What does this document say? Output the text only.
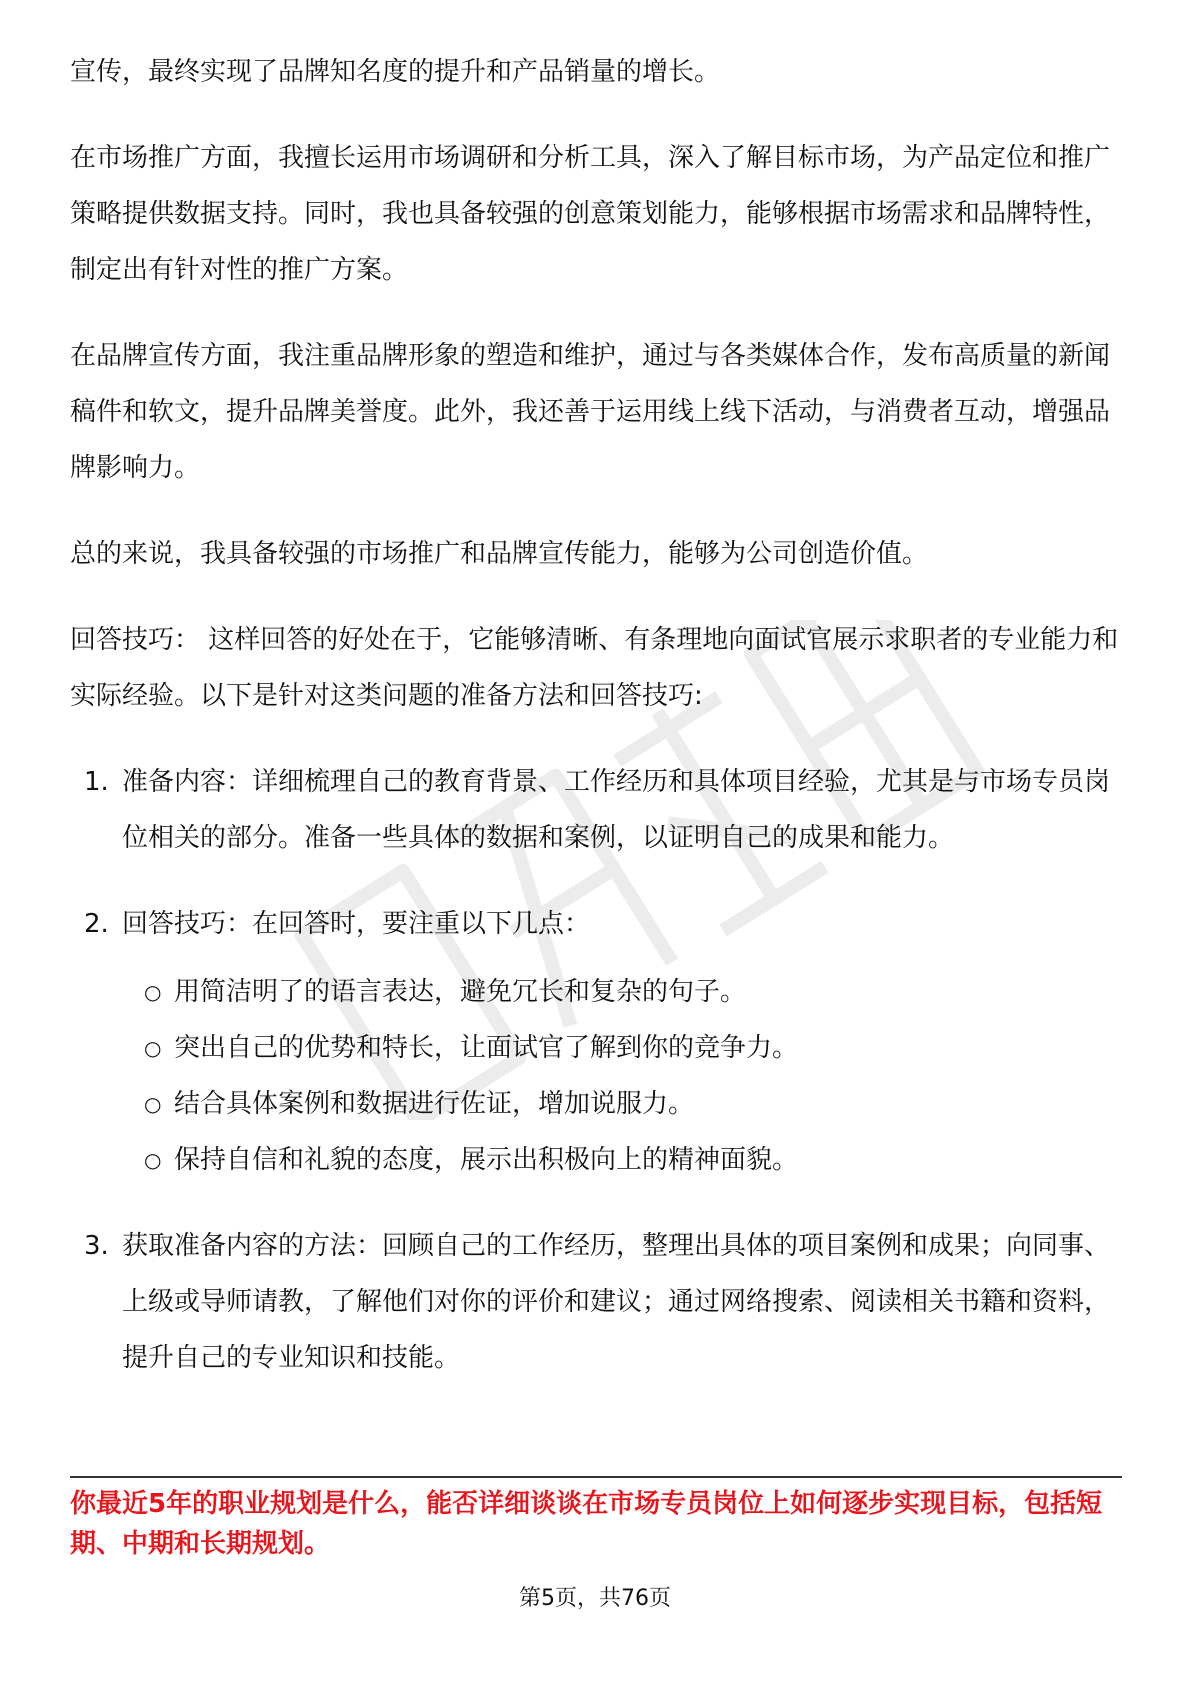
宣传，最终实现了品牌知名度的提升和产品销量的增长。

在市场推广方面，我擅长运用市场调研和分析工具，深入了解目标市场，为产品定位和推广策略提供数据支持。同时，我也具备较强的创意策划能力，能够根据市场需求和品牌特性，制定出有针对性的推广方案。

在品牌宣传方面，我注重品牌形象的塑造和维护，通过与各类媒体合作，发布高质量的新闻稿件和软文，提升品牌美誉度。此外，我还善于运用线上线下活动，与消费者互动，增强品牌影响力。

总的来说，我具备较强的市场推广和品牌宣传能力，能够为公司创造价值。

回答技巧： 这样回答的好处在于，它能够清晰、有条理地向面试官展示求职者的专业能力和实际经验。以下是针对这类问题的准备方法和回答技巧:

1. 准备内容：详细梳理自己的教育背景、工作经历和具体项目经验，尤其是与市场专员岗位相关的部分。准备一些具体的数据和案例，以证明自己的成果和能力。
2. 回答技巧：在回答时，要注重以下几点：
○ 用简洁明了的语言表达，避免冗长和复杂的句子。
○ 突出自己的优势和特长，让面试官了解到你的竞争力。
○ 结合具体案例和数据进行佐证，增加说服力。
○ 保持自信和礼貌的态度，展示出积极向上的精神面貌。
3. 获取准备内容的方法：回顾自己的工作经历，整理出具体的项目案例和成果；向同事、上级或导师请教，了解他们对你的评价和建议；通过网络搜索、阅读相关书籍和资料，提升自己的专业知识和技能。
你最近5年的职业规划是什么，能否详细谈谈在市场专员岗位上如何逐步实现目标，包括短期、中期和长期规划。
第5页，共76页
